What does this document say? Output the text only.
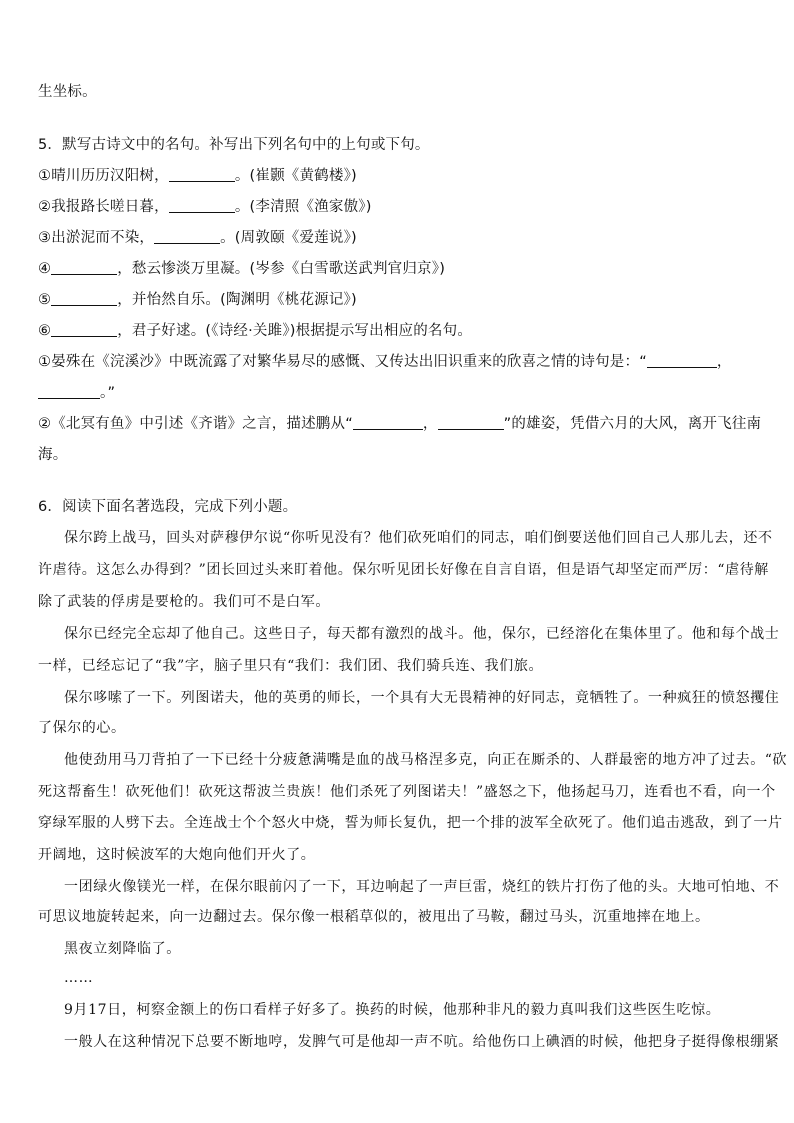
生坐标。
5．默写古诗文中的名句。补写出下列名句中的上句或下句。
①晴川历历汉阳树，	。(崔颢《黄鹤楼》)
②我报路长嗟日暮，	。(李清照《渔家傲》)
③出淤泥而不染，	。(周敦颐《爱莲说》)
④	，愁云惨淡万里凝。(岑参《白雪歌送武判官归京》)
⑤	，并怡然自乐。(陶渊明《桃花源记》)
⑥	，君子好逑。(《诗经·关雎》)根据提示写出相应的名句。
①晏殊在《浣溪沙》中既流露了对繁华易尽的感慨、又传达出旧识重来的欣喜之情的诗句是：“	，
。”
②《北冥有鱼》中引述《齐谐》之言，描述鹏从“	，	”的雄姿，凭借六月的大风，离开飞往南
海。
6．阅读下面名著选段，完成下列小题。
保尔跨上战马，回头对萨穆伊尔说“你听见没有？他们砍死咱们的同志，咱们倒要送他们回自己人那儿去，还不
许虐待。这怎么办得到？”团长回过头来盯着他。保尔听见团长好像在自言自语，但是语气却坚定而严厉：“虐待解
除了武装的俘虏是要枪的。我们可不是白军。
保尔已经完全忘却了他自己。这些日子，每天都有激烈的战斗。他，保尔，已经溶化在集体里了。他和每个战士
一样，已经忘记了“我”字，脑子里只有“我们：我们团、我们骑兵连、我们旅。
保尔哆嗦了一下。列图诺夫，他的英勇的师长，一个具有大无畏精神的好同志，竟牺牲了。一种疯狂的愤怒攫住
了保尔的心。
他使劲用马刀背拍了一下已经十分疲惫满嘴是血的战马格涅多克，向正在厮杀的、人群最密的地方冲了过去。“砍
死这帮畜生！砍死他们！砍死这帮波兰贵族！他们杀死了列图诺夫！”盛怒之下，他扬起马刀，连看也不看，向一个
穿绿军服的人劈下去。全连战士个个怒火中烧，誓为师长复仇，把一个排的波军全砍死了。他们追击逃敌，到了一片
开阔地，这时候波军的大炮向他们开火了。
一团绿火像镁光一样，在保尔眼前闪了一下，耳边响起了一声巨雷，烧红的铁片打伤了他的头。大地可怕地、不
可思议地旋转起来，向一边翻过去。保尔像一根稻草似的，被甩出了马鞍，翻过马头，沉重地摔在地上。
黑夜立刻降临了。
……
9月17日，柯察金额上的伤口看样子好多了。换药的时候，他那种非凡的毅力真叫我们这些医生吃惊。
一般人在这种情况下总要不断地哼，发脾气可是他却一声不吭。给他伤口上碘酒的时候，他把身子挺得像根绷紧
